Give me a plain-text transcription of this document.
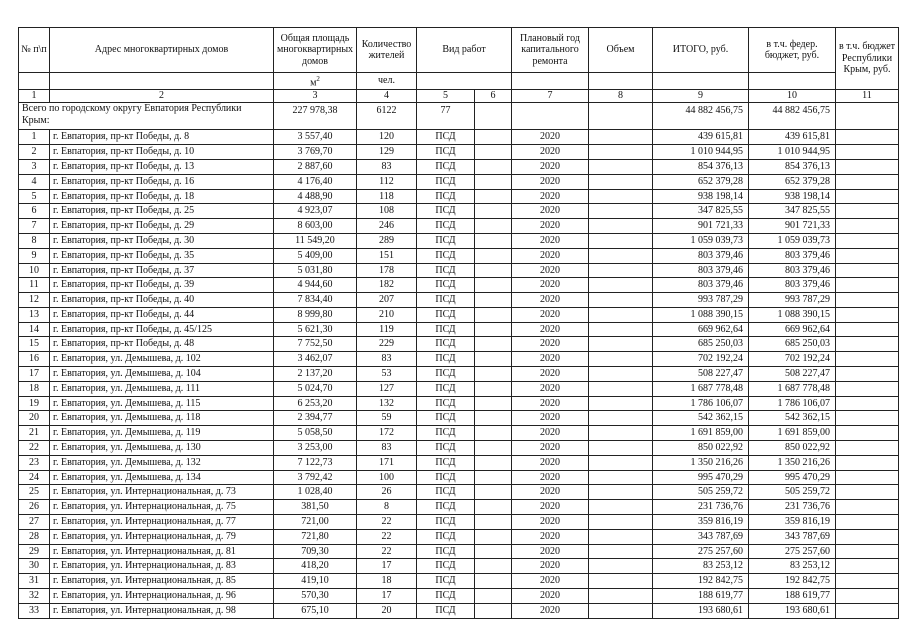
№ п\п	Адрес многоквартирных домов	Общая площадь многоквартирных домов	Количество жителей	Вид работ		Плановый год капитального ремонта	Объем	ИТОГО, руб.	в т.ч. федер. бюджет, руб.	в т.ч. бюджет Республики Крым, руб.
		$м^2$	чел.							
1	2	3	4	5	6	7	8	9	10	11
Всего по городскому округу Евпатория Республики Крым:		227 978,38	6122	77				44 882 456,75	44 882 456,75	
1	г. Евпатория, пр-кт Победы, д. 8	3 557,40	120	ПСД		2020		439 615,81	439 615,81	
2	г. Евпатория, пр-кт Победы, д. 10	3 769,70	129	ПСД		2020		1 010 944,95	1 010 944,95	
3	г. Евпатория, пр-кт Победы, д. 13	2 887,60	83	ПСД		2020		854 376,13	854 376,13	
4	г. Евпатория, пр-кт Победы, д. 16	4 176,40	112	ПСД		2020		652 379,28	652 379,28	
5	г. Евпатория, пр-кт Победы, д. 18	4 488,90	118	ПСД		2020		938 198,14	938 198,14	
6	г. Евпатория, пр-кт Победы, д. 25	4 923,07	108	ПСД		2020		347 825,55	347 825,55	
7	г. Евпатория, пр-кт Победы, д. 29	8 603,00	246	ПСД		2020		901 721,33	901 721,33	
8	г. Евпатория, пр-кт Победы, д. 30	11 549,20	289	ПСД		2020		1 059 039,73	1 059 039,73	
9	г. Евпатория, пр-кт Победы, д. 35	5 409,00	151	ПСД		2020		803 379,46	803 379,46	
10	г. Евпатория, пр-кт Победы, д. 37	5 031,80	178	ПСД		2020		803 379,46	803 379,46	
11	г. Евпатория, пр-кт Победы, д. 39	4 944,60	182	ПСД		2020		803 379,46	803 379,46	
12	г. Евпатория, пр-кт Победы, д. 40	7 834,40	207	ПСД		2020		993 787,29	993 787,29	
13	г. Евпатория, пр-кт Победы, д. 44	8 999,80	210	ПСД		2020		1 088 390,15	1 088 390,15	
14	г. Евпатория, пр-кт Победы, д. 45/125	5 621,30	119	ПСД		2020		669 962,64	669 962,64	
15	г. Евпатория, пр-кт Победы, д. 48	7 752,50	229	ПСД		2020		685 250,03	685 250,03	
16	г. Евпатория, ул. Демышева, д. 102	3 462,07	83	ПСД		2020		702 192,24	702 192,24	
17	г. Евпатория, ул. Демышева, д. 104	2 137,20	53	ПСД		2020		508 227,47	508 227,47	
18	г. Евпатория, ул. Демышева, д. 111	5 024,70	127	ПСД		2020		1 687 778,48	1 687 778,48	
19	г. Евпатория, ул. Демышева, д. 115	6 253,20	132	ПСД		2020		1 786 106,07	1 786 106,07	
20	г. Евпатория, ул. Демышева, д. 118	2 394,77	59	ПСД		2020		542 362,15	542 362,15	
21	г. Евпатория, ул. Демышева, д. 119	5 058,50	172	ПСД		2020		1 691 859,00	1 691 859,00	
22	г. Евпатория, ул. Демышева, д. 130	3 253,00	83	ПСД		2020		850 022,92	850 022,92	
23	г. Евпатория, ул. Демышева, д. 132	7 122,73	171	ПСД		2020		1 350 216,26	1 350 216,26	
24	г. Евпатория, ул. Демышева, д. 134	3 792,42	100	ПСД		2020		995 470,29	995 470,29	
25	г. Евпатория, ул. Интернациональная, д. 73	1 028,40	26	ПСД		2020		505 259,72	505 259,72	
26	г. Евпатория, ул. Интернациональная, д. 75	381,50	8	ПСД		2020		231 736,76	231 736,76	
27	г. Евпатория, ул. Интернациональная, д. 77	721,00	22	ПСД		2020		359 816,19	359 816,19	
28	г. Евпатория, ул. Интернациональная, д. 79	721,80	22	ПСД		2020		343 787,69	343 787,69	
29	г. Евпатория, ул. Интернациональная, д. 81	709,30	22	ПСД		2020		275 257,60	275 257,60	
30	г. Евпатория, ул. Интернациональная, д. 83	418,20	17	ПСД		2020		83 253,12	83 253,12	
31	г. Евпатория, ул. Интернациональная, д. 85	419,10	18	ПСД		2020		192 842,75	192 842,75	
32	г. Евпатория, ул. Интернациональная, д. 96	570,30	17	ПСД		2020		188 619,77	188 619,77	
33	г. Евпатория, ул. Интернациональная, д. 98	675,10	20	ПСД		2020		193 680,61	193 680,61	
